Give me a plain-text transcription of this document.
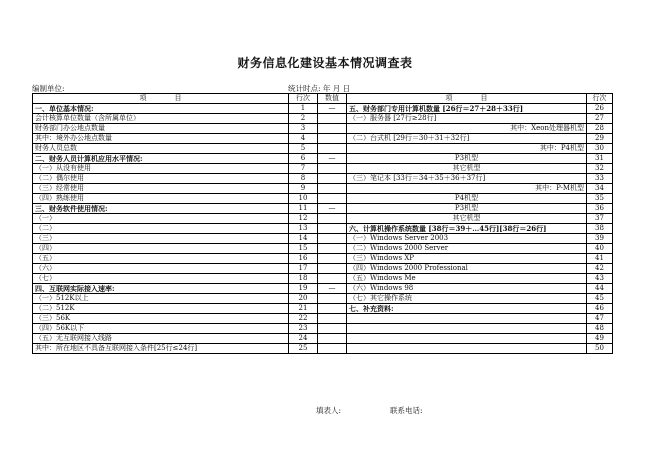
财务信息化建设基本情况调查表
编制单位:	统计时点: 年 月 日
项　　　　目	行次	数值	项　　　　目	行次
一、单位基本情况:	1	—	五、财务部门专用计算机数量 [26行＝27＋28＋33行]	26
会计核算单位数量（含所属单位）	2		（一）服务器 [27行≥28行]	27
财务部门办公地点数量	3		其中：Xeon处理器机型	28
其中：境外办公地点数量	4		（二）台式机 [29行＝30＋31＋32行]	29
财务人员总数	5		其中：P4机型	30
二、财务人员计算机应用水平情况:	6	—	P3机型	31
（一）从没有使用	7		其它机型	32
（二）偶尔使用	8		（三）笔记本 [33行＝34＋35＋36＋37行]	33
（三）经常使用	9		其中：P-M机型	34
（四）熟练使用	10		P4机型	35
三、财务软件使用情况:	11	—	P3机型	36
（一）	12		其它机型	37
（二）	13		六、计算机操作系统数量 [38行＝39＋…45行][38行＝26行]	38
（三）	14		（一）Windows Server 2003	39
（四）	15		（二）Windows 2000 Server	40
（五）	16		（三）Windows XP	41
（六）	17		（四）Windows 2000 Professional	42
（七）	18		（五）Windows Me	43
四、互联网实际接入速率:	19	—	（六）Windows 98	44
（一）512K以上	20		（七）其它操作系统	45
（二）512K	21		七、补充资料:	46
（三）56K	22			47
（四）56K以下	23			48
（五）无互联网接入线路	24			49
其中：所在地区不具备互联网接入条件[25行≤24行]	25			50
填表人:	联系电话:
